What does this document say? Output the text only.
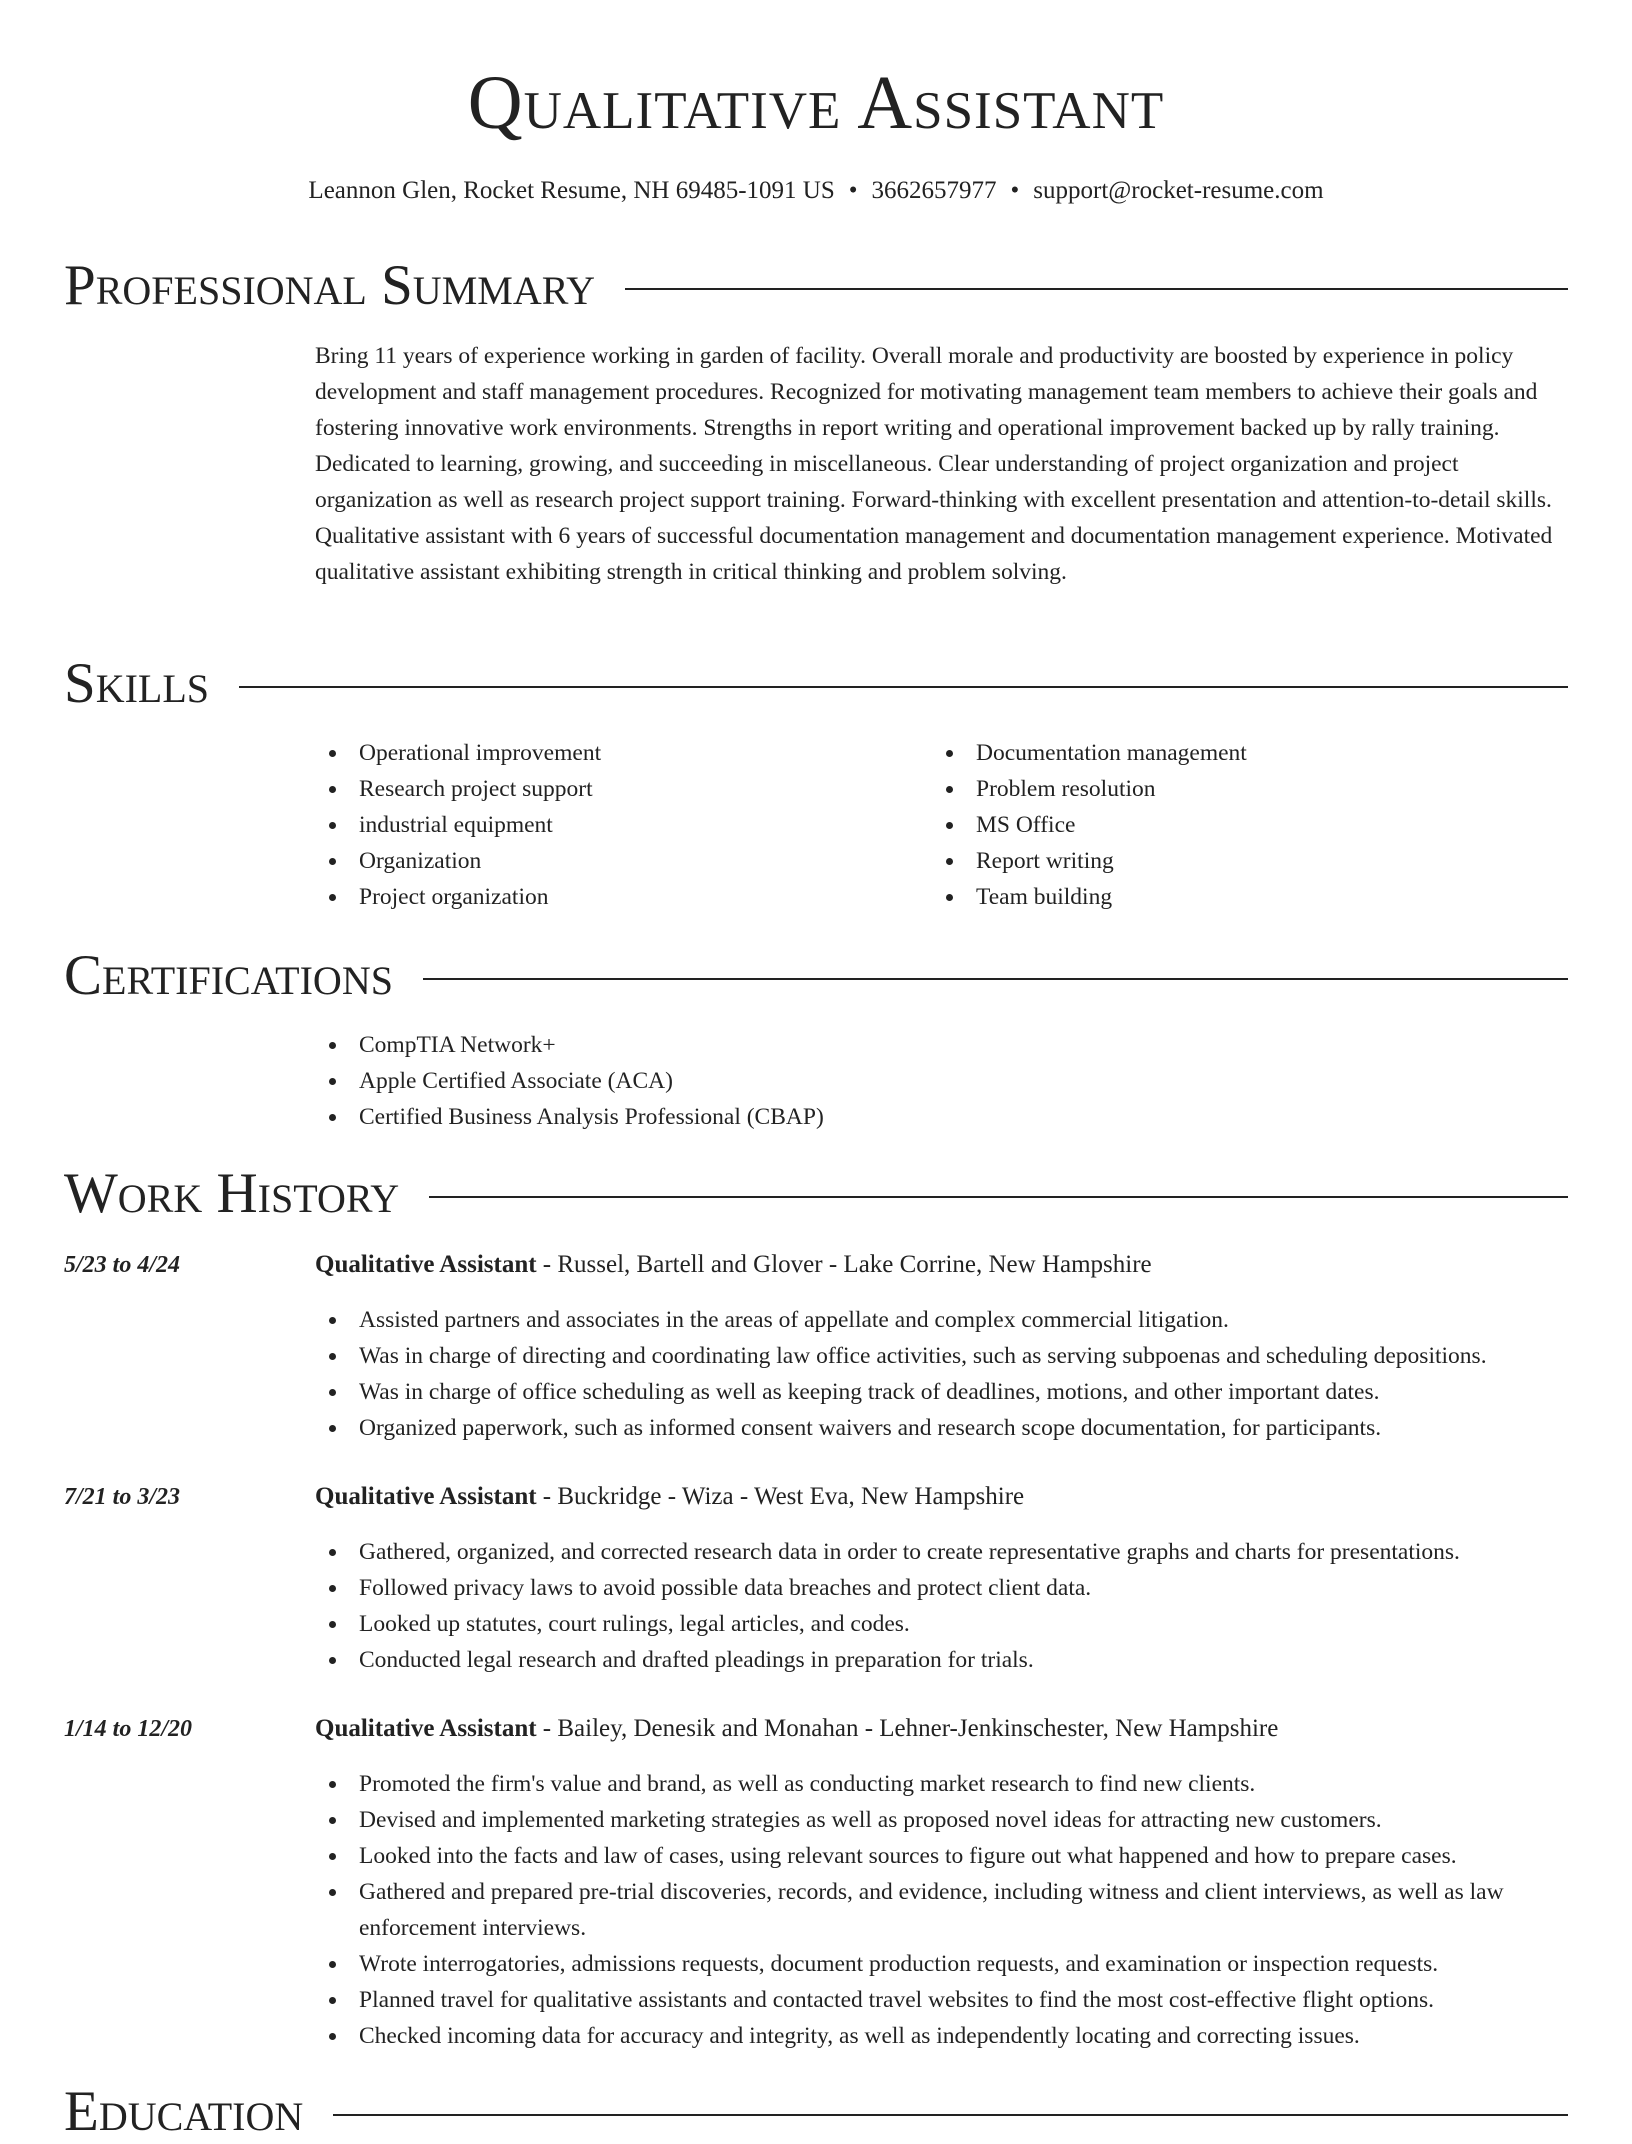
Qualitative Assistant
Leannon Glen, Rocket Resume, NH 69485-1091 US • 3662657977 • support@rocket-resume.com
Professional Summary
Bring 11 years of experience working in garden of facility. Overall morale and productivity are boosted by experience in policy development and staff management procedures. Recognized for motivating management team members to achieve their goals and fostering innovative work environments. Strengths in report writing and operational improvement backed up by rally training. Dedicated to learning, growing, and succeeding in miscellaneous. Clear understanding of project organization and project organization as well as research project support training. Forward-thinking with excellent presentation and attention-to-detail skills. Qualitative assistant with 6 years of successful documentation management and documentation management experience. Motivated qualitative assistant exhibiting strength in critical thinking and problem solving.
Skills
Operational improvement
Research project support
industrial equipment
Organization
Project organization
Documentation management
Problem resolution
MS Office
Report writing
Team building
Certifications
CompTIA Network+
Apple Certified Associate (ACA)
Certified Business Analysis Professional (CBAP)
Work History
5/23 to 4/24	Qualitative Assistant - Russel, Bartell and Glover - Lake Corrine, New Hampshire
Assisted partners and associates in the areas of appellate and complex commercial litigation.
Was in charge of directing and coordinating law office activities, such as serving subpoenas and scheduling depositions.
Was in charge of office scheduling as well as keeping track of deadlines, motions, and other important dates.
Organized paperwork, such as informed consent waivers and research scope documentation, for participants.
7/21 to 3/23	Qualitative Assistant - Buckridge - Wiza - West Eva, New Hampshire
Gathered, organized, and corrected research data in order to create representative graphs and charts for presentations.
Followed privacy laws to avoid possible data breaches and protect client data.
Looked up statutes, court rulings, legal articles, and codes.
Conducted legal research and drafted pleadings in preparation for trials.
1/14 to 12/20	Qualitative Assistant - Bailey, Denesik and Monahan - Lehner-Jenkinschester, New Hampshire
Promoted the firm's value and brand, as well as conducting market research to find new clients.
Devised and implemented marketing strategies as well as proposed novel ideas for attracting new customers.
Looked into the facts and law of cases, using relevant sources to figure out what happened and how to prepare cases.
Gathered and prepared pre-trial discoveries, records, and evidence, including witness and client interviews, as well as law enforcement interviews.
Wrote interrogatories, admissions requests, document production requests, and examination or inspection requests.
Planned travel for qualitative assistants and contacted travel websites to find the most cost-effective flight options.
Checked incoming data for accuracy and integrity, as well as independently locating and correcting issues.
Education
